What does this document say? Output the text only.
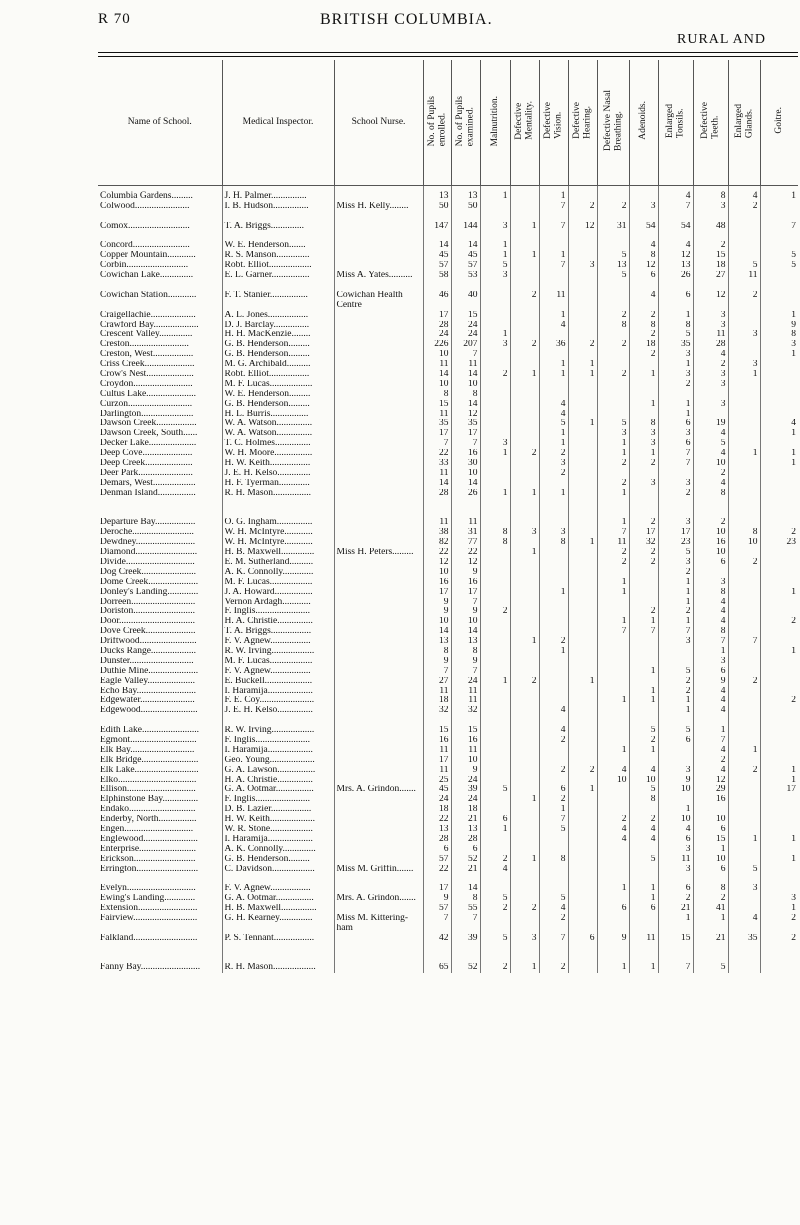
R 70	BRITISH COLUMBIA.
RURAL AND
Name of School.	Medical Inspector.	School Nurse.	No. of Pupils
enrolled.	No. of Pupils
examined.	Malnutrition.	Defective
Mentality.	Defective
Vision.	Defective
Hearing.	Defective Nasal
Breathing.	Adenoids.	Enlarged
Tonsils.	Defective
Teeth.	Enlarged
Glands.	Goitre.
Columbia Gardens.........	J. H. Palmer...............		13	13	1		1				4	8	4	1
Colwood.......................	I. B. Hudson...............	Miss H. Kelly........	50	50			7	2	2	3	7	3	2	

Comox..........................	T. A. Briggs..............		147	144	3	1	7	12	31	54	54	48		7

Concord........................	W. E. Henderson.......		14	14	1					4	4	2		
Copper Mountain............	R. S. Manson..............		45	45	1	1	1		5	8	12	15		5
Corbin..........................	Robt. Elliot..................		57	57	5		7	3	13	12	13	18	5	5
Cowichan Lake..............	E. L. Garner................	Miss A. Yates..........	58	53	3				5	6	26	27	11	

Cowichan Station............	F. T. Stanier................	Cowichan Health	46	40		2	11			4	6	12	2	
		Centre												
Craigellachie...................	A. L. Jones.................		17	15			1		2	2	1	3		1
Crawford Bay...................	D. J. Barclay...............		28	24			4		8	8	8	3		9
Crescent Valley..............	H. H. MacKenzie........		24	24	1					2	5	11	3	8
Creston.........................	G. B. Henderson.........		226	207	3	2	36	2	2	18	35	28		3
Creston, West.................	G. B. Henderson.........		10	7						2	3	4		1
Criss Creek.....................	M. G. Archibald..........		11	11			1	1			1	2	3	
Crow's Nest....................	Robt. Elliot.................		14	14	2	1	1	1	2	1	3	3	1	
Croydon.........................	M. F. Lucas..................		10	10							2	3		
Cultus Lake.....................	W. E. Henderson.........		8	8										
Curzon...........................	G. B. Henderson.........		15	14			4			1	1	3		
Darlington......................	H. L. Burris................		11	12			4				1			
Dawson Creek.................	W. A. Watson...............		35	35			5	1	5	8	6	19		4
Dawson Creek, South......	W. A. Watson...............		17	17			1		3	3	3	4		1
Decker Lake....................	T. C. Holmes...............		7	7	3		1		1	3	6	5		
Deep Cove.....................	W. H. Moore................		22	16	1	2	2		1	1	7	4	1	1
Deep Creek....................	H. W. Keith.................		33	30			3		2	2	7	10		1
Deer Park.......................	J. E. H. Kelso..............		11	10			2					2		
Demars, West..................	H. F. Tyerman.............		14	14					2	3	3	4		
Denman Island................	R. H. Mason................		28	26	1	1	1		1		2	8		

Departure Bay.................	O. G. Ingham...............		11	11					1	2	3	2		
Deroche..........................	W. H. McIntyre............		38	31	8	3	3		7	17	17	10	8	2
Dewdney.........................	W. H. McIntyre............		82	77	8		8	1	11	32	23	16	10	23
Diamond..........................	H. B. Maxwell..............	Miss H. Peters.........	22	22		1			2	2	5	10		
Divide.............................	E. M. Sutherland..........		12	12					2	2	3	6	2	
Dog Creek.......................	A. K. Connolly.............		10	9							2			
Dome Creek.....................	M. F. Lucas..................		16	16					1		1	3		
Donley's Landing.............	J. A. Howard................		17	17			1		1		1	8		1
Dorreen...........................	Vernon Ardagh............		9	7							1	4		
Doriston..........................	F. Inglis.......................		9	9	2					2	2	4		
Door................................	H. A. Christie...............		10	10					1	1	1	4		2
Dove Creek.....................	T. A. Briggs.................		14	14					7	7	7	8		
Driftwood........................	F. V. Agnew.................		13	13		1	2				3	7	7	
Ducks Range...................	R. W. Irving..................		8	8			1					1		1
Dunster...........................	M. F. Lucas..................		9	9								3		
Duthie Mine.....................	F. V. Agnew.................		7	7						1	5	6		
Eagle Valley....................	E. Buckell....................		27	24	1	2		1			2	9	2	
Echo Bay.........................	I. Haramija...................		11	11						1	2	4		
Edgewater.......................	F. E. Coy.......................		18	11					1	1	1	4		2
Edgewood........................	J. E. H. Kelso...............		32	32			4				1	4		

Edith Lake........................	R. W. Irving..................		15	15			4			5	5	1		
Egmont............................	F. Inglis.......................		16	16			2			2	6	7		
Elk Bay...........................	I. Haramija...................		11	11					1	1		4	1	
Elk Bridge........................	Geo. Young...................		17	10								2		
Elk Lake...........................	G. A. Lawson................		11	9			2	2	4	4	3	4	2	1
Elko.................................	H. A. Christie...............		25	24					10	10	9	12		1
Ellison.............................	G. A. Ootmar................	Mrs. A. Grindon.......	45	39	5		6	1		5	10	29		17
Elphinstone Bay...............	F. Inglis.......................		24	24		1	2			8		16		
Endako............................	D. B. Lazier.................		18	18			1				1			
Enderby, North................	H. W. Keith...................		22	21	6		7		2	2	10	10		
Engen.............................	W. R. Stone..................		13	13	1		5		4	4	4	6		
Englewood.......................	I. Haramija...................		28	28					4	4	6	15	1	1
Enterprise........................	A. K. Connolly..............		6	6							3	1		
Erickson..........................	G. B. Henderson.........		57	52	2	1	8			5	11	10		1
Errington..........................	C. Davidson..................	Miss M. Griffin.......	22	21	4						3	6	5	

Evelyn.............................	F. V. Agnew.................		17	14					1	1	6	8	3	
Ewing's Landing.............	G. A. Ootmar................	Mrs. A. Grindon.......	9	8	5		5			1	2	2		3
Extension.........................	H. B. Maxwell...............		57	55	2	2	4		6	6	21	41		1
Fairview...........................	G. H. Kearney..............	Miss M. Kittering-	7	7			2				1	1	4	2
		ham												
Falkland...........................	P. S. Tennant.................		42	39	5	3	7	6	9	11	15	21	35	2

Fanny Bay.........................	R. H. Mason..................		65	52	2	1	2		1	1	7	5		
